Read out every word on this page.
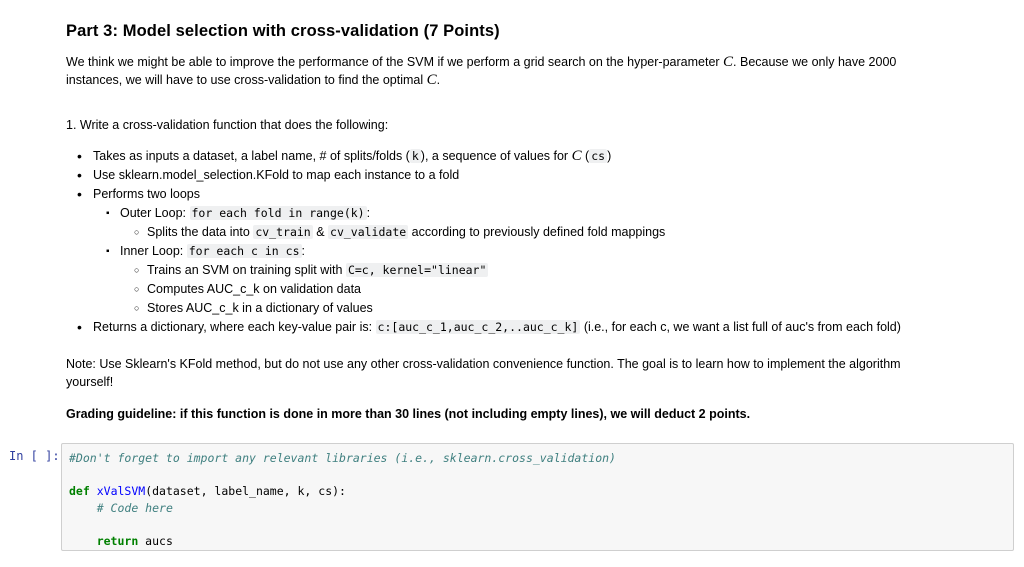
Part 3: Model selection with cross-validation (7 Points)

We think we might be able to improve the performance of the SVM if we perform a grid search on the hyper-parameter C. Because we only have 2000

instances, we will have to use cross-validation to find the optimal C.

1. Write a cross-validation function that does the following:

• Takes as inputs a dataset, a label name, # of splits/folds ( k ), a sequence of values for C ( cs )
• Use sklearn.model_selection.KFold to map each instance to a fold
• Performs two loops
▪ Outer Loop: for each fold in range(k) :
○ Splits the data into cv_train & cv_validate according to previously defined fold mappings
▪ Inner Loop: for each c in cs :
○ Trains an SVM on training split with C=c, kernel="linear"
○ Computes AUC_c_k on validation data
○ Stores AUC_c_k in a dictionary of values
• Returns a dictionary, where each key-value pair is: c:[auc_c_1,auc_c_2,..auc_c_k] (i.e., for each c, we want a list full of auc's from each fold)

Note: Use Sklearn's KFold method, but do not use any other cross-validation convenience function. The goal is to learn how to implement the algorithm

yourself!

Grading guideline: if this function is done in more than 30 lines (not including empty lines), we will deduct 2 points.

In [ ]: #Don't forget to import any relevant libraries (i.e., sklearn.cross_validation)

def xValSVM(dataset, label_name, k, cs):
# Code here

return aucs
